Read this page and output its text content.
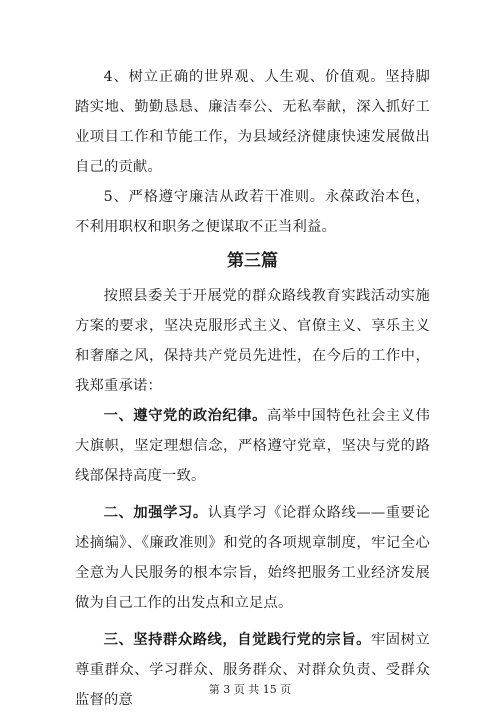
4、树立正确的世界观、人生观、价值观。坚持脚踏实地、勤勤恳恳、廉洁奉公、无私奉献，深入抓好工业项目工作和节能工作，为县域经济健康快速发展做出自己的贡献。

5、严格遵守廉洁从政若干准则。永葆政治本色，不利用职权和职务之便谋取不正当利益。

第三篇

按照县委关于开展党的群众路线教育实践活动实施方案的要求，坚决克服形式主义、官僚主义、享乐主义和奢靡之风，保持共产党员先进性，在今后的工作中，我郑重承诺：

一、遵守党的政治纪律。高举中国特色社会主义伟大旗帜，坚定理想信念，严格遵守党章，坚决与党的路线部保持高度一致。

二、加强学习。认真学习《论群众路线——重要论述摘编》、《廉政准则》和党的各项规章制度，牢记全心全意为人民服务的根本宗旨，始终把服务工业经济发展做为自己工作的出发点和立足点。

三、坚持群众路线，自觉践行党的宗旨。牢固树立尊重群众、学习群众、服务群众、对群众负责、受群众监督的意

第 3 页 共 15 页
